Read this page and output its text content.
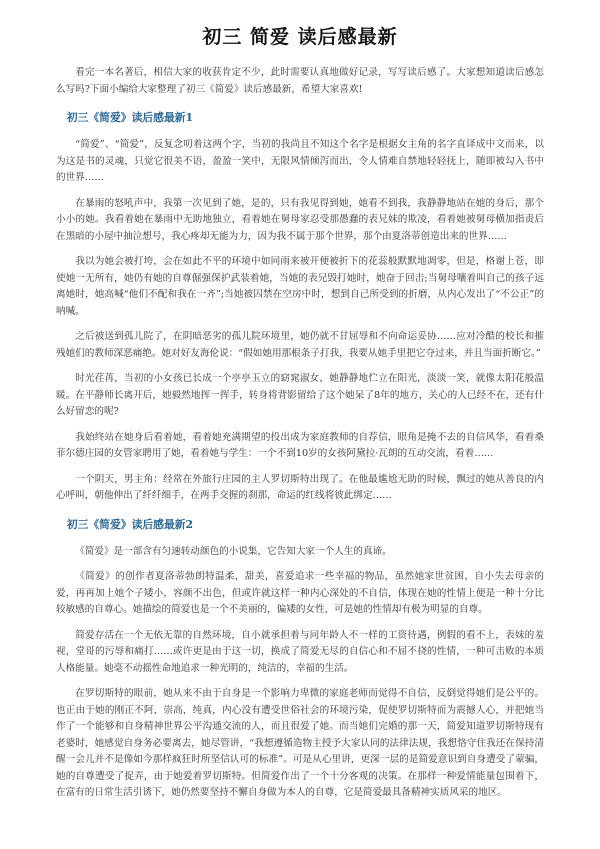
初三 简爱 读后感最新

看完一本名著后，相信大家的收获肯定不少，此时需要认真地做好记录，写写读后感了。大家想知道读后感怎么写吗?下面小编给大家整理了初三《简爱》读后感最新，希望大家喜欢!

初三《简爱》读后感最新1

“简爱”、“简爱”，反复念叨着这两个字，当初的我尚且不知这个名字是根据女主角的名字直译成中文而来，以为这是书的灵魂，只觉它很美不语，盈盈一笑中，无限风情倾泻而出，令人情难自禁地轻轻抚上，随即被勾入书中的世界……

在暴雨的怒吼声中，我第一次见到了她，是的，只有我见得到她，她看不到我，我静静地站在她的身后，那个小小的她。我看着她在暴雨中无助地独立，看着她在舅母家忍受那愚蠢的表兄妹的欺凌，看着她被舅母横加指责后在黑暗的小屋中抽泣想号，我心疼却无能为力，因为我不属于那个世界，那个由夏洛蒂创造出来的世界……

我以为她会被打垮，会在如此不平的环境中如同雨来被开便被折下的花蕊般默默地凋零，但是，格谢上苍，即使她一无所有，她仍有她的自尊倔强保护武装着她，当她的表兄毁打她时，她奋于回击;当舅母嚷着叫自己的孩子远离她时，她高喊“他们不配和我在一齐”;当她被囚禁在空房中时，想到自己所受到的折磨，从内心发出了“不公正”的呐喊。

之后被送到孤儿院了，在阴暗恶劣的孤儿院环境里，她仍就不甘屈辱和不向命运妥协……应对冷酷的校长和摧残她们的教师深恶痛绝。她对好友海伦说：“假如她用那根条子打我，我要从她手里把它夺过来，并且当面折断它。”

时光荏苒，当初的小女孩已长成一个亭亭玉立的窈窕淑女，她静静地伫立在阳光，淡淡一笑，就像太阳花般温暖。在平静师长离开后，她毅然地挥一挥手，转身将背影留给了这个她呆了8年的地方，关心的人已经不在，还有什么好留恋的呢?

我始终站在她身后看着她，看着她充满期望的投出成为家庭教师的自荐信，眼角是掩不去的自信风华，看着桑菲尔德庄园的女管家聘用了她，看着她与学生：一个不到10岁的女孩阿黛拉·瓦朗的互动交流，看着……

一个阴天，男主角：经常在外旅行庄园的主人罗切斯特出现了。在他最尴尬无助的时候，飘过的她从善良的内心呼叫，朝他伸出了纤纤细手，在两手交握的刹那，命运的红线将彼此绑定……

初三《简爱》读后感最新2

《简爱》是一部含有匀速转动颜色的小说集，它告知大家一个人生的真谛。

《简爱》的创作者夏洛蒂勃朗特温柔，甜美，喜爱追求一些幸福的物品，虽然她家世贫困，自小失去母亲的爱，再再加上她个子矮小，容颜不出色，但或许就这样一种内心深处的不自信，体现在她的性情上便是一种十分比较敏感的自尊心。她描绘的简爱也是一个不美丽的，偏矮的女性，可是她的性情却有极为明显的自尊。

简爱存活在一个无依无靠的自然环境，自小就承担着与同年龄人不一样的工资待遇，例假的看不上，表妹的羞视，堂哥的污辱和痛打……或许更是由于这一切，换成了简爱无尽的自信心和不屈不挠的性情，一种可击败的本质人格能量。她毫不动摇性命地追求一种光明的，纯洁的，幸福的生活。

在罗切斯特的眼前，她从来不由于自身是一个影响力卑微的家庭老师而觉得不自信，反倒觉得她们是公平的。也正由于她的刚正不阿，崇高，纯真，内心没有遭受世俗社会的环境污染，促使罗切斯特而为震撼人心，并把她当作了一个能够和自身精神世界公平沟通交流的人，而且很爱了她。而当她们完婚的那一天，简爱知道罗切斯特现有老婆时，她感觉自身务必要离去，她尽管讲，“我想遵循造物主授予大家认同的法律法规，我想恪守住我还在保持清醒一会儿并不是像如今那样疯狂时所坚信认可的标准”。可是从心里讲，更深一层的是简爱意识到自身遭受了蒙骗，她的自尊遭受了捉弄，由于她爱着罗切斯特。但简爱作出了一个十分客观的决策。在那样一种爱情能量包围着下，在富有的日常生活引诱下，她仍然要坚持不懈自身做为本人的自尊，它是简爱最具备精神实质风采的地区。
